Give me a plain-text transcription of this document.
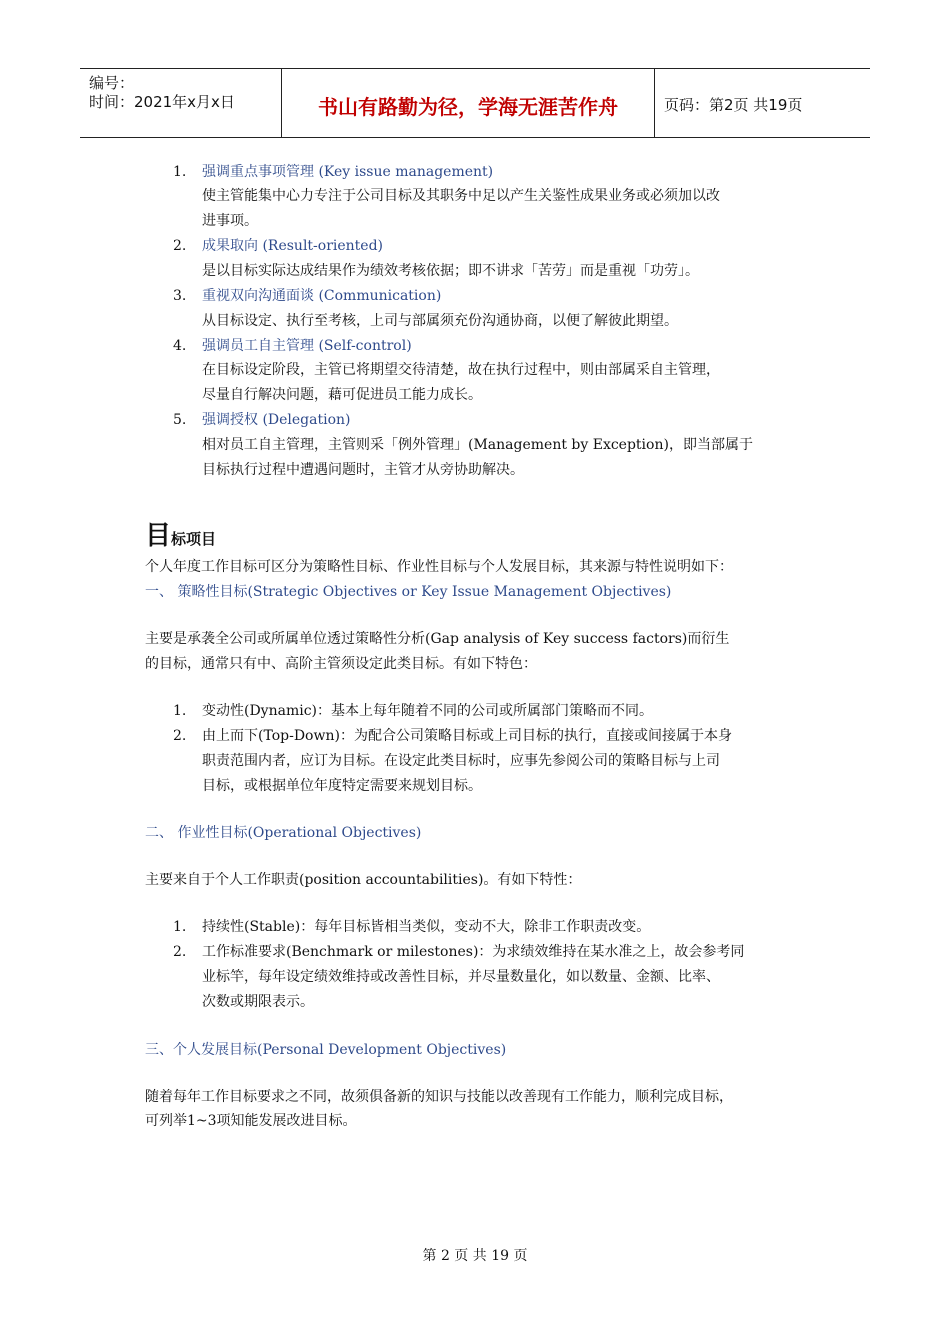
编号：
时间：2021年x月x日	书山有路勤为径，学海无涯苦作舟	页码：第2页 共19页
1. 强调重点事项管理 (Key issue management)
使主管能集中心力专注于公司目标及其职务中足以产生关鉴性成果业务或必须加以改
进事项。
2. 成果取向 (Result-oriented)
是以目标实际达成结果作为绩效考核依据；即不讲求「苦劳」而是重视「功劳」。
3. 重视双向沟通面谈 (Communication)
从目标设定、执行至考核，上司与部属须充份沟通协商，以便了解彼此期望。
4. 强调员工自主管理 (Self-control)
在目标设定阶段，主管已将期望交待清楚，故在执行过程中，则由部属采自主管理，
尽量自行解决问题，藉可促进员工能力成长。
5. 强调授权 (Delegation)
相对员工自主管理，主管则采「例外管理」(Management by Exception)，即当部属于
目标执行过程中遭遇问题时，主管才从旁协助解决。
目标项目
个人年度工作目标可区分为策略性目标、作业性目标与个人发展目标，其来源与特性说明如下：
一、 策略性目标(Strategic Objectives or Key Issue Management Objectives)
主要是承袭全公司或所属单位透过策略性分析(Gap analysis of Key success factors)而衍生
的目标，通常只有中、高阶主管须设定此类目标。有如下特色：
1. 变动性(Dynamic)：基本上每年随着不同的公司或所属部门策略而不同。
2. 由上而下(Top-Down)：为配合公司策略目标或上司目标的执行，直接或间接属于本身
职责范围内者，应订为目标。在设定此类目标时，应事先参阅公司的策略目标与上司
目标，或根据单位年度特定需要来规划目标。
二、 作业性目标(Operational Objectives)
主要来自于个人工作职责(position accountabilities)。有如下特性：
1. 持续性(Stable)：每年目标皆相当类似，变动不大，除非工作职责改变。
2. 工作标准要求(Benchmark or milestones)：为求绩效维持在某水准之上，故会参考同
业标竿，每年设定绩效维持或改善性目标，并尽量数量化，如以数量、金额、比率、
次数或期限表示。
三、个人发展目标(Personal Development Objectives)
随着每年工作目标要求之不同，故须俱备新的知识与技能以改善现有工作能力，顺利完成目标，
可列举1~3项知能发展改进目标。
第 2 页 共 19 页
